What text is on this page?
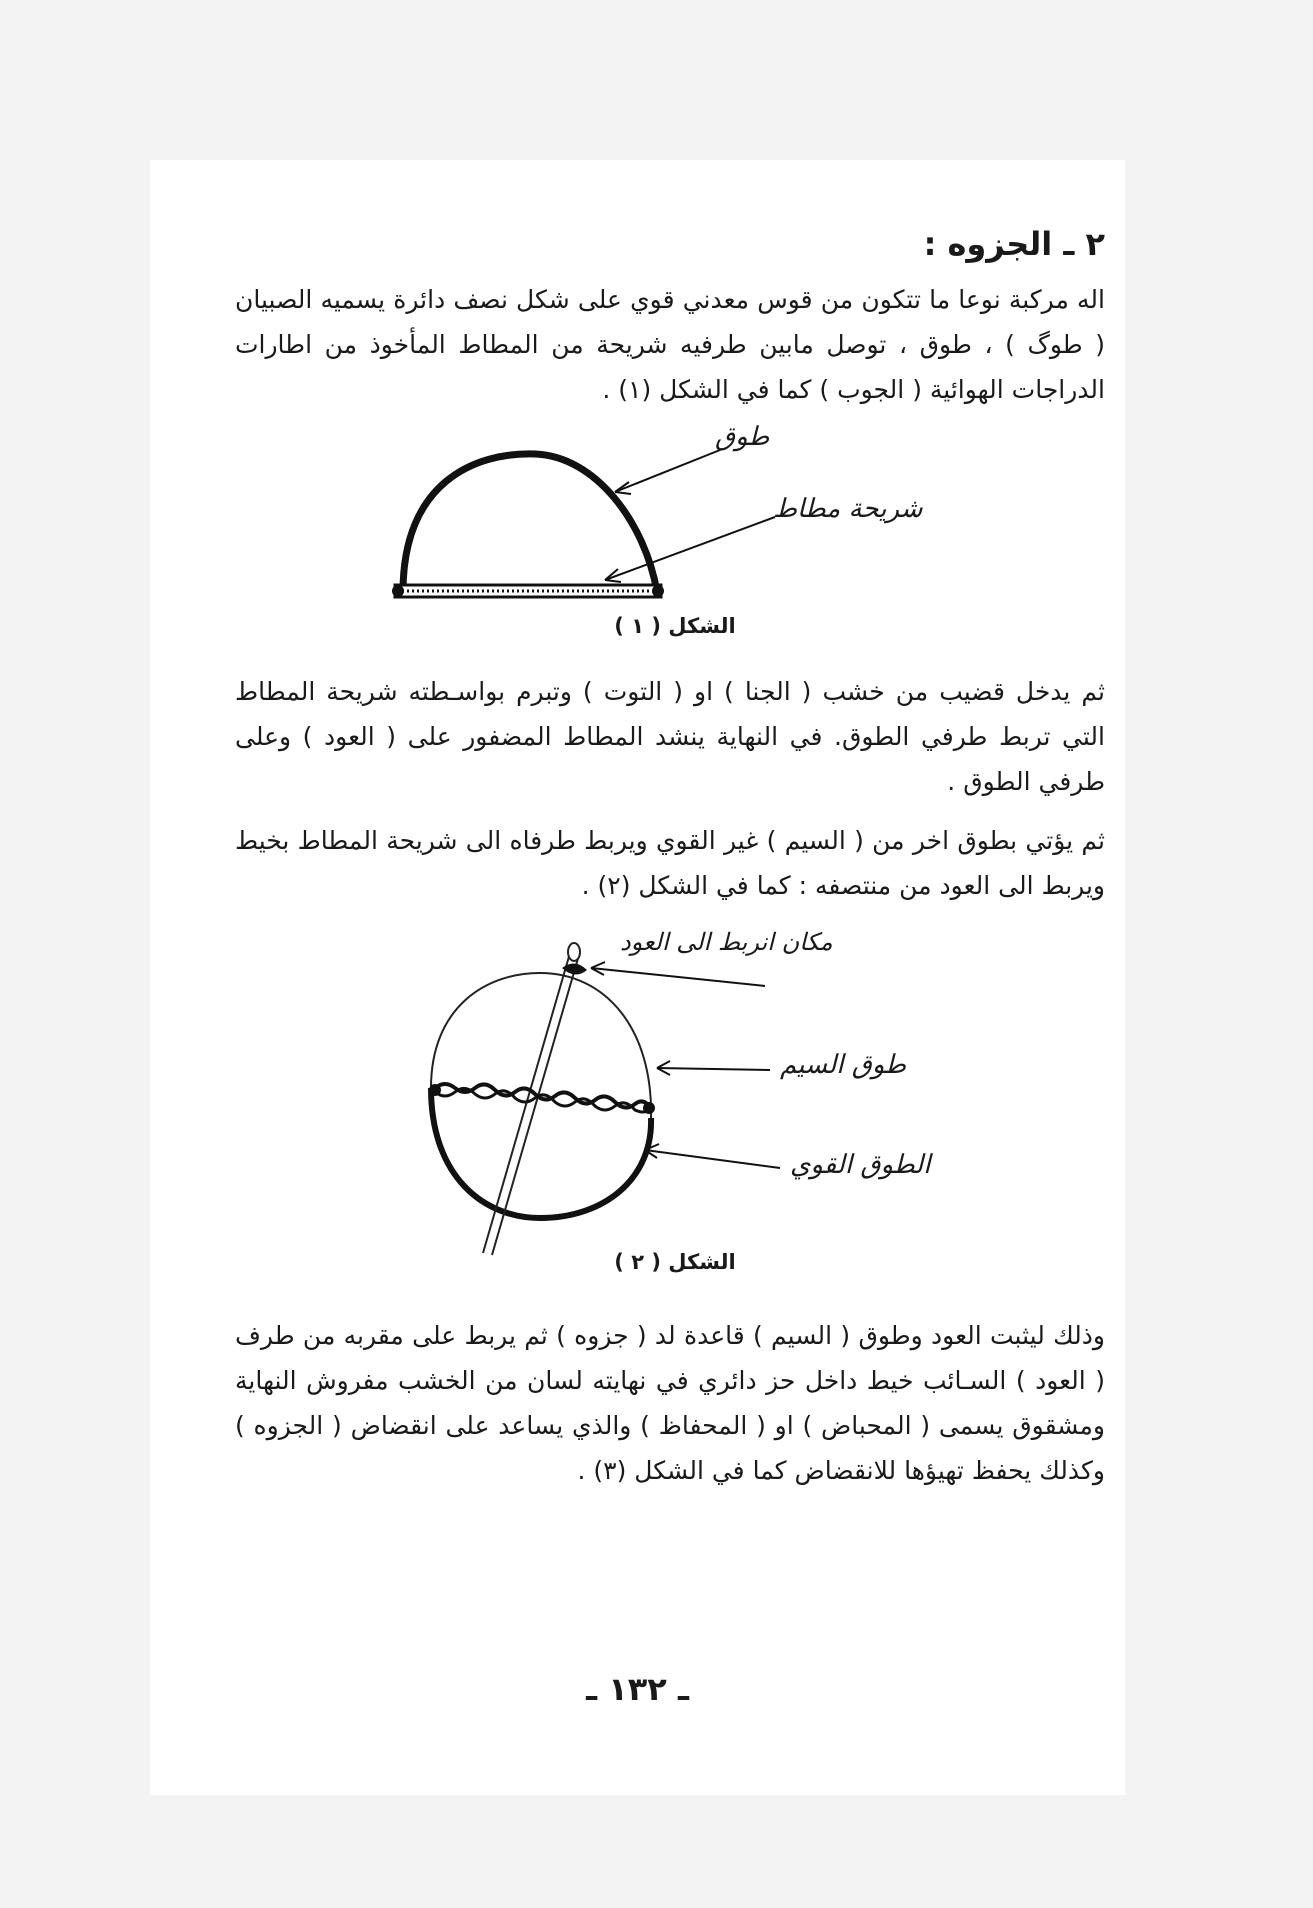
٢ ـ الجزوه :

اله مركبة نوعا ما تتكون من قوس معدني قوي على شكل نصف دائرة يسميه الصبيان ( طوگ ) ، طوق ، توصل مابين طرفيه شريحة من المطاط المأخوذ من اطارات الدراجات الهوائية ( الجوب ) كما في الشكل (١) .

طوق
شريحة مطاط
الشكل ( ١ )

ثم يدخل قضيب من خشب ( الجنا ) او ( التوت ) وتبرم بواسـطته شريحة المطاط التي تربط طرفي الطوق. في النهاية ينشد المطاط المضفور على ( العود ) وعلى طرفي الطوق .

ثم يؤتي بطوق اخر من ( السيم ) غير القوي ويربط طرفاه الى شريحة المطاط بخيط ويربط الى العود من منتصفه : كما في الشكل (٢) .

مكان انربط الى العود
طوق السيم
الطوق القوي
الشكل ( ٢ )

وذلك ليثبت العود وطوق ( السيم ) قاعدة لد ( جزوه ) ثم يربط على مقربه من طرف ( العود ) السـائب خيط داخل حز دائري في نهايته لسان من الخشب مفروش النهاية ومشقوق يسمى ( المحباض ) او ( المحفاظ ) والذي يساعد على انقضاض ( الجزوه ) وكذلك يحفظ تهيؤها للانقضاض كما في الشكل (٣) .

ـ ١٣٢ ـ
